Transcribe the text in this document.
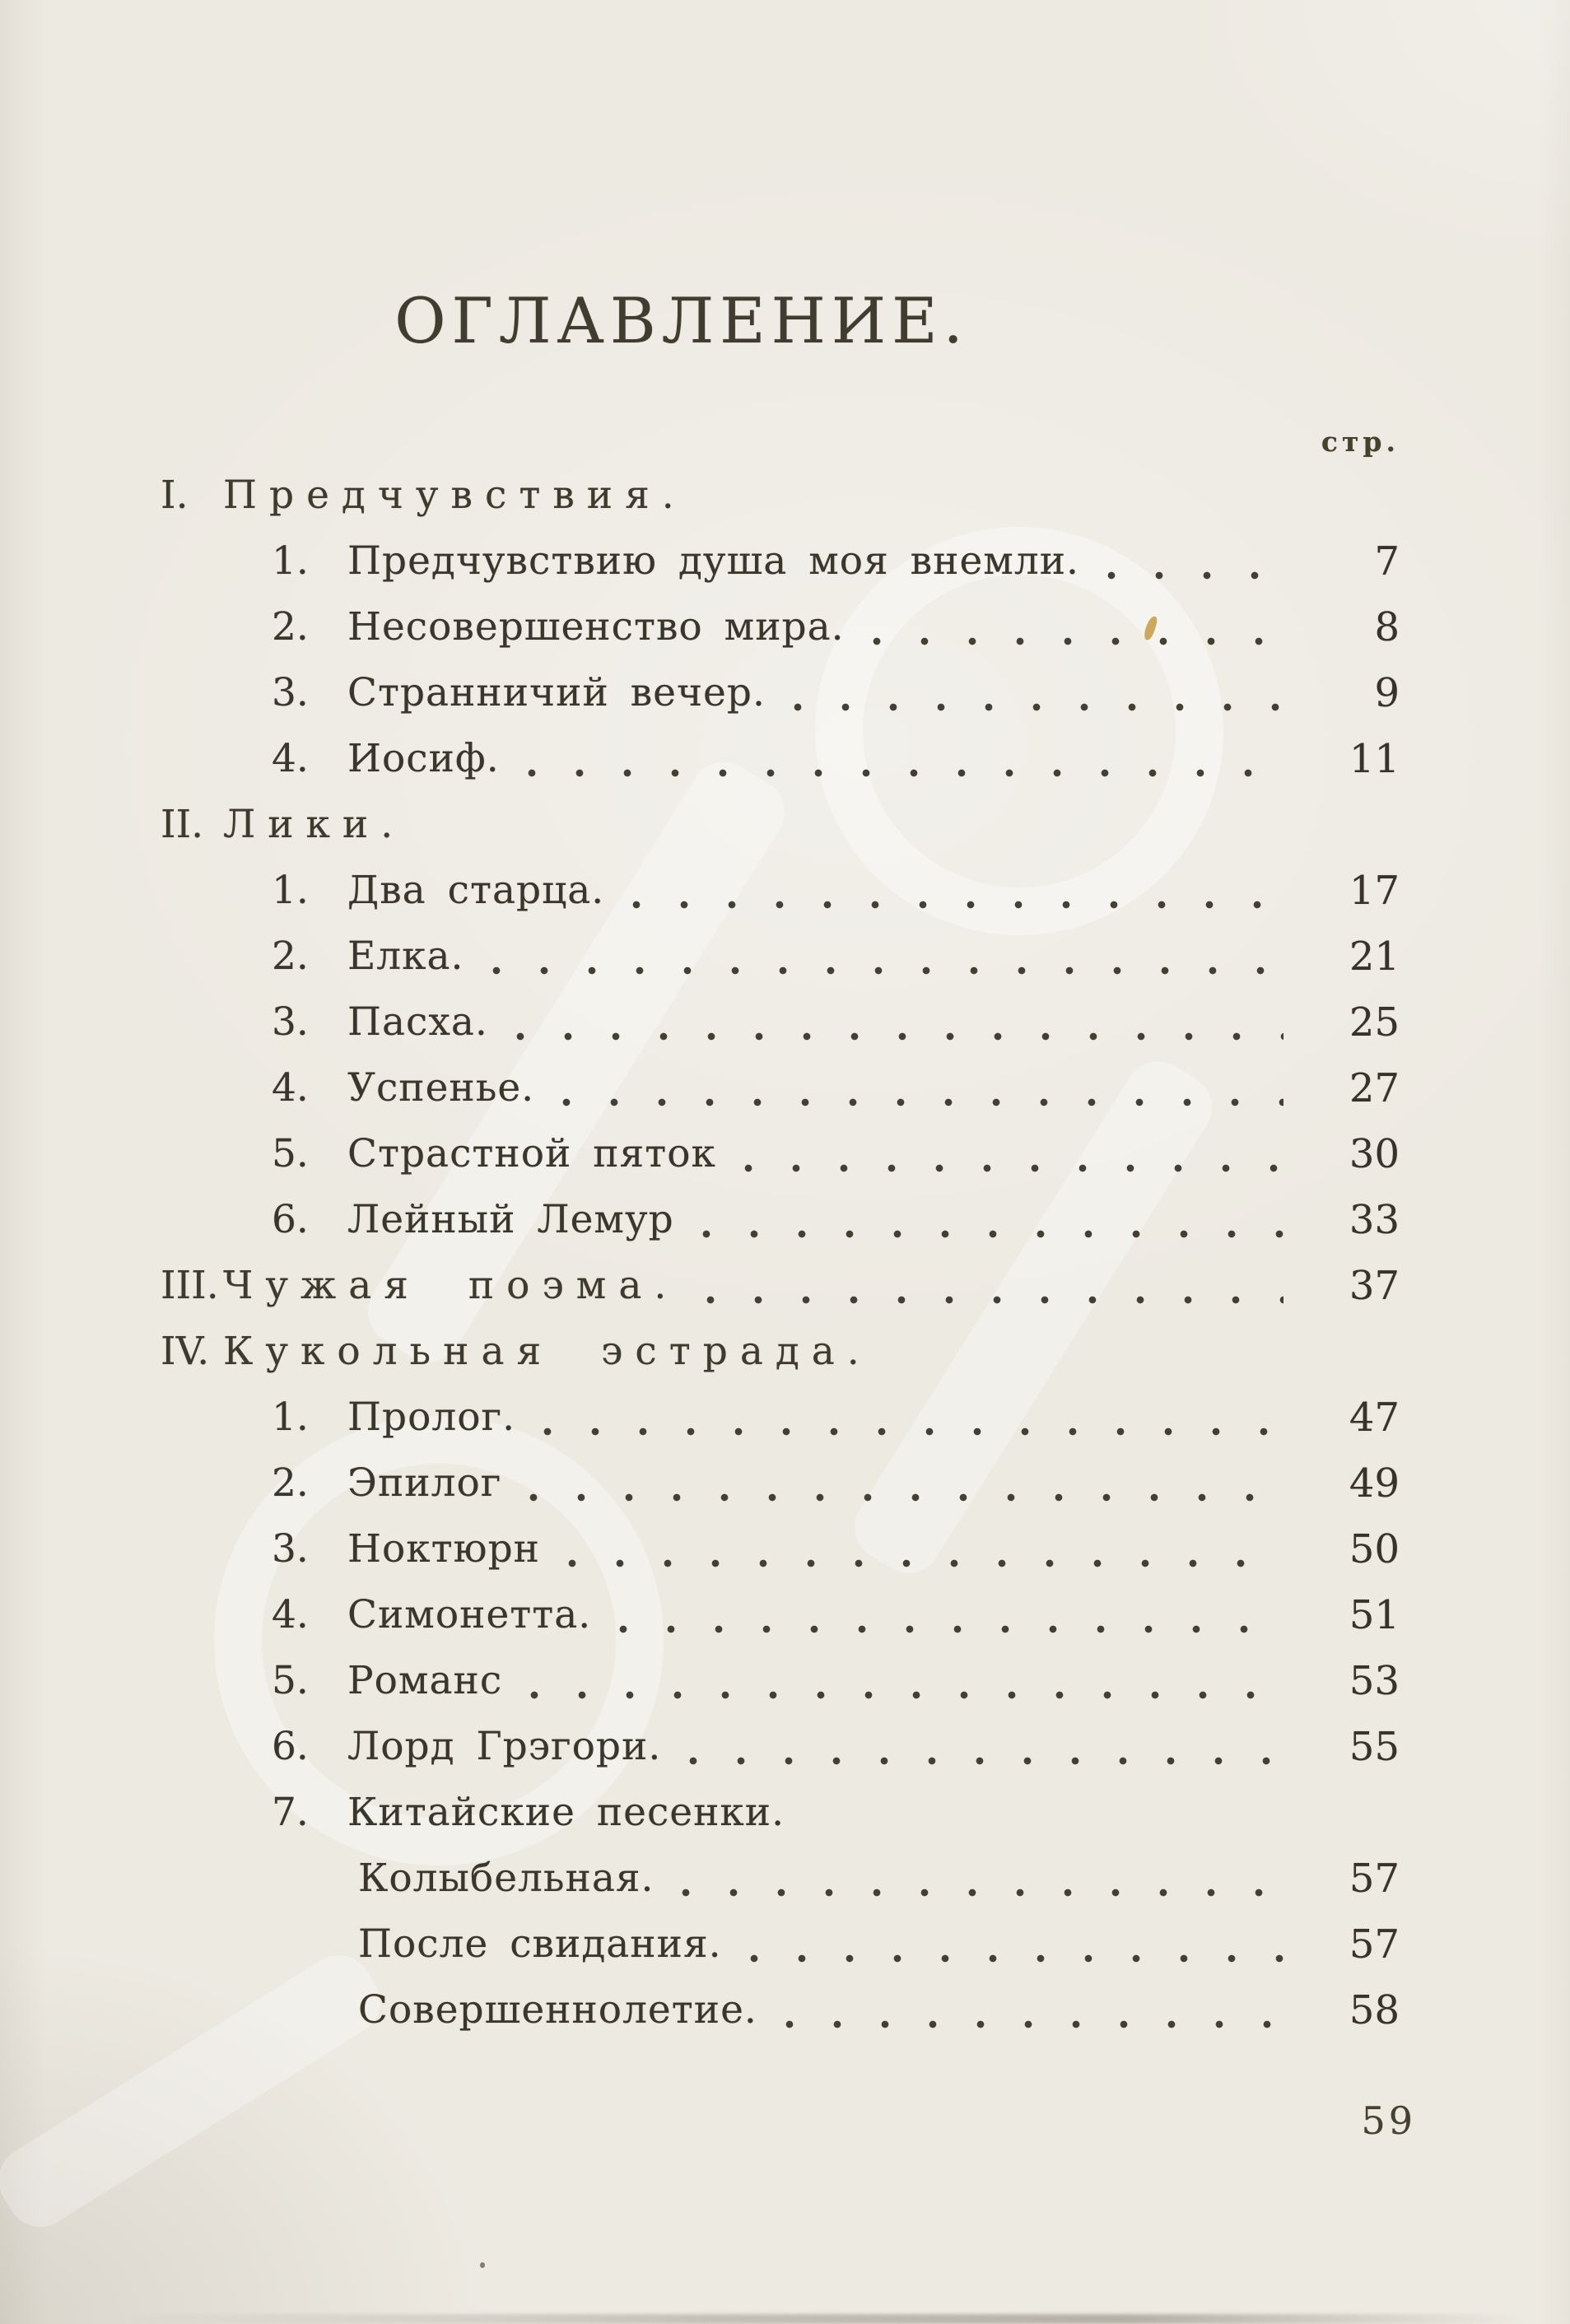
ОГЛАВЛЕНИЕ.
стр.
I. Предчувствия.
1.	Предчувствию душа моя внемли.	7
2.	Несовершенство мира.	8
3.	Странничий вечер.	9
4.	Иосиф.	11
II. Лики.
1.	Два старца.	17
2.	Елка.	21
3.	Пасха.	25
4.	Успенье.	27
5.	Страстной пяток	30
6.	Лейный Лемур	33
III. Чужая поэма.	37
IV. Кукольная эстрада.
1.	Пролог.	47
2.	Эпилог	49
3.	Ноктюрн	50
4.	Симонетта.	51
5.	Романс	53
6.	Лорд Грэгори.	55
7.	Китайские песенки.
Колыбельная.	57
После свидания.	57
Совершеннолетие.	58
59
